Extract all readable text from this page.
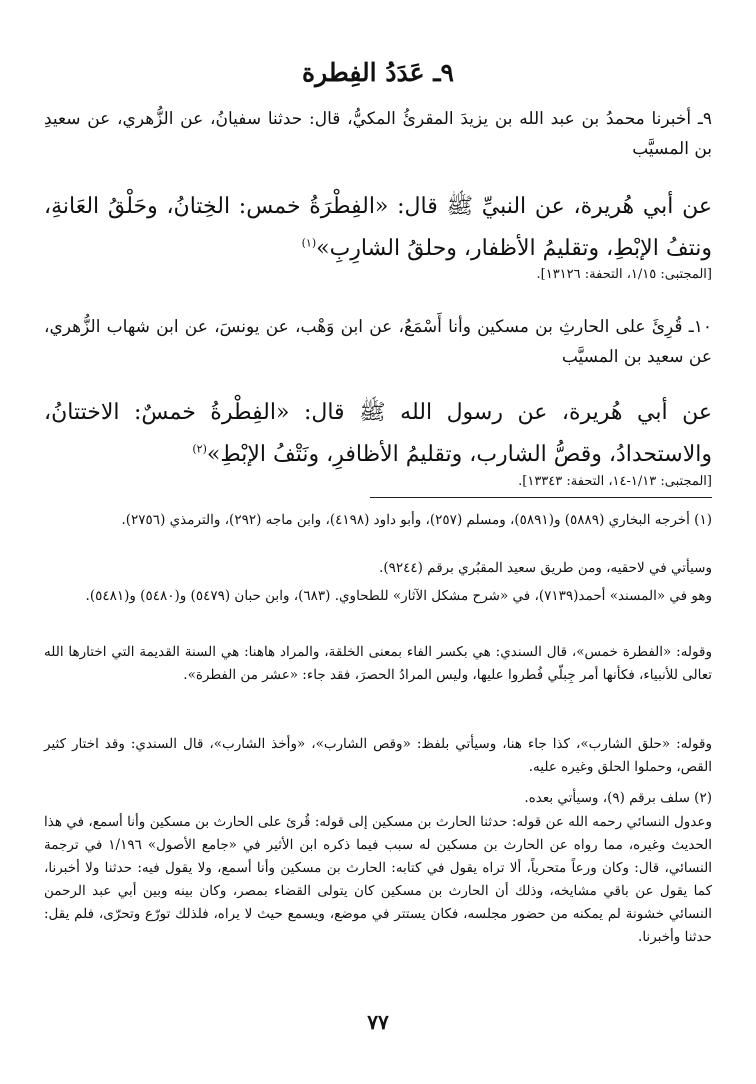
٩ـ عَدَدُ الفِطرة
٩ـ أخبرنا محمدُ بن عبد الله بن يزيدَ المقرئُ المكيُّ، قال: حدثنا سفيانُ، عن الزُّهري، عن سعيدِ بن المسيَّب
عن أبي هُريرة، عن النبيِّ ﷺ قال: «الفِطْرَةُ خمس: الخِتانُ، وحَلْقُ العَانةِ، ونتفُ الإبْطِ، وتقليمُ الأظفار، وحلقُ الشارِبِ»$^{(١)}$
[المجتبى: ١/١٥، التحفة: ١٣١٢٦].
١٠ـ قُرِئَ على الحارثِ بن مسكين وأنا أَسْمَعُ، عن ابن وَهْب، عن يونسَ، عن ابن شهاب الزُّهري، عن سعيد بن المسيَّب
عن أبي هُريرة، عن رسول الله ﷺ قال: «الفِطْرةُ خمسٌ: الاختتانُ، والاستحدادُ، وقصُّ الشارب، وتقليمُ الأظافرِ، ونَتْفُ الإبْطِ»$^{(٢)}$
[المجتبى: ١/١٣-١٤، التحفة: ١٣٣٤٣].
(١) أخرجه البخاري (٥٨٨٩) و(٥٨٩١)، ومسلم (٢٥٧)، وأبو داود (٤١٩٨)، وابن ماجه (٢٩٢)، والترمذي (٢٧٥٦).
وسيأتي في لاحقيه، ومن طريق سعيد المقبُري برقم (٩٢٤٤).
وهو في «المسند» أحمد(٧١٣٩)، في «شرح مشكل الآثار» للطحاوي. (٦٨٣)، وابن حبان (٥٤٧٩) و(٥٤٨٠) و(٥٤٨١).
وقوله: «الفطرة خمس»، قال السندي: هي بكسر الفاء بمعنى الخلقة، والمراد هاهنا: هي السنة القديمة التي اختارها الله تعالى للأنبياء، فكأنها أمر جِبلّي فُطروا عليها، وليس المرادُ الحصرَ، فقد جاء: «عشر من الفطرة».
وقوله: «حلق الشارب»، كذا جاء هنا، وسيأتي بلفظ: «وقص الشارب»، «وأخذ الشارب»، قال السندي: وقد اختار كثير القص، وحملوا الحلق وغيره عليه.
(٢) سلف برقم (٩)، وسيأتي بعده.
وعدول النسائي رحمه الله عن قوله: حدثنا الحارث بن مسكين إلى قوله: قُرئ على الحارث بن مسكين وأنا أسمع، في هذا الحديث وغيره، مما رواه عن الحارث بن مسكين له سبب فيما ذكره ابن الأثير في «جامع الأصول» ١/١٩٦ في ترجمة النسائي، قال: وكان ورعاً متحرياً، ألا تراه يقول في كتابه: الحارث بن مسكين وأنا أسمع، ولا يقول فيه: حدثنا ولا أخبرنا، كما يقول عن باقي مشايخه، وذلك أن الحارث بن مسكين كان يتولى القضاء بمصر، وكان بينه وبين أبي عبد الرحمن النسائي خشونة لم يمكنه من حضور مجلسه، فكان يستتر في موضع، ويسمع حيث لا يراه، فلذلك تورّع وتحرّى، فلم يقل: حدثنا وأخبرنا.
٧٧
